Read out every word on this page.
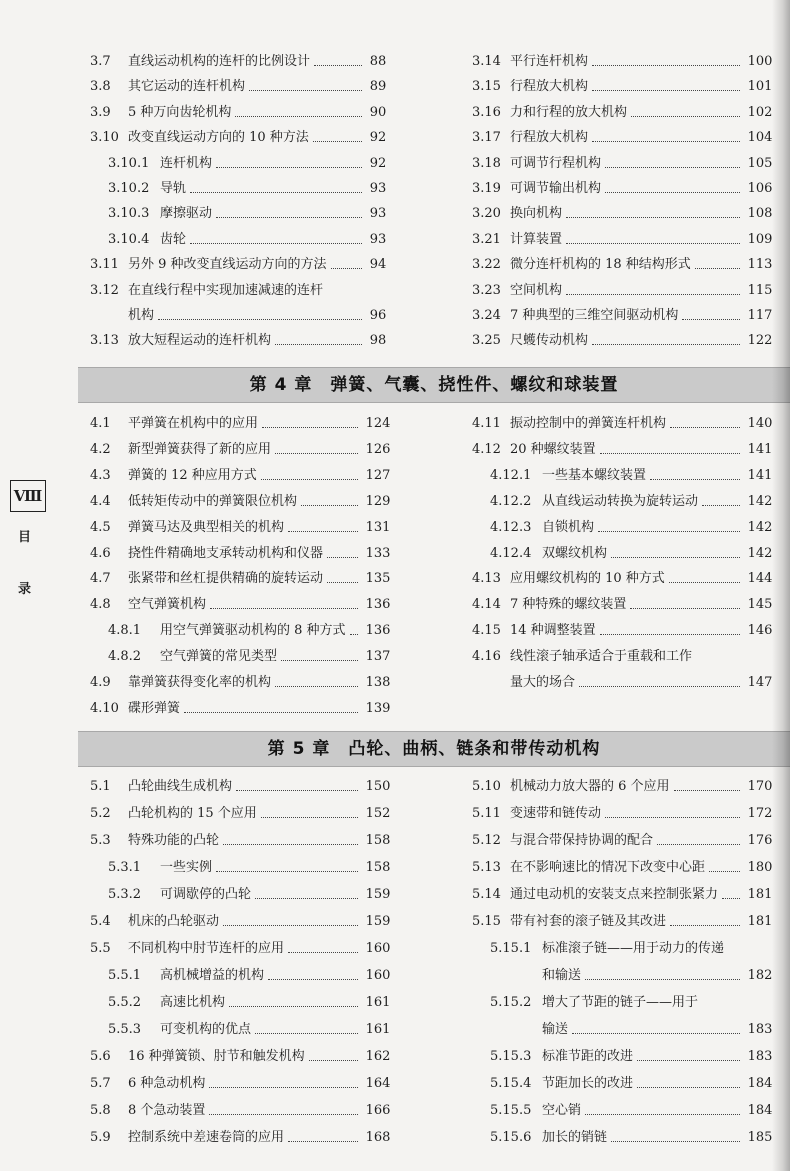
Ⅷ
目
录
第 4 章　弹簧、气囊、挠性件、螺纹和球装置
第 5 章　凸轮、曲柄、链条和带传动机构
3.7 直线运动机构的连杆的比例设计	88
3.8 其它运动的连杆机构	89
3.9 5 种万向齿轮机构	90
3.10 改变直线运动方向的 10 种方法	92
3.10.1 连杆机构	92
3.10.2 导轨	93
3.10.3 摩擦驱动	93
3.10.4 齿轮	93
3.11 另外 9 种改变直线运动方向的方法	94
3.12 在直线行程中实现加速减速的连杆
机构	96
3.13 放大短程运动的连杆机构	98
3.14 平行连杆机构	100
3.15 行程放大机构	101
3.16 力和行程的放大机构	102
3.17 行程放大机构	104
3.18 可调节行程机构	105
3.19 可调节输出机构	106
3.20 换向机构	108
3.21 计算装置	109
3.22 微分连杆机构的 18 种结构形式	113
3.23 空间机构	115
3.24 7 种典型的三维空间驱动机构	117
3.25 尺蠖传动机构	122
4.1 平弹簧在机构中的应用	124
4.2 新型弹簧获得了新的应用	126
4.3 弹簧的 12 种应用方式	127
4.4 低转矩传动中的弹簧限位机构	129
4.5 弹簧马达及典型相关的机构	131
4.6 挠性件精确地支承转动机构和仪器	133
4.7 张紧带和丝杠提供精确的旋转运动	135
4.8 空气弹簧机构	136
4.8.1 用空气弹簧驱动机构的 8 种方式 136
4.8.2 空气弹簧的常见类型	137
4.9 靠弹簧获得变化率的机构	138
4.10 碟形弹簧	139
4.11 振动控制中的弹簧连杆机构	140
4.12 20 种螺纹装置	141
4.12.1 一些基本螺纹装置	141
4.12.2 从直线运动转换为旋转运动	142
4.12.3 自锁机构	142
4.12.4 双螺纹机构	142
4.13 应用螺纹机构的 10 种方式	144
4.14 7 种特殊的螺纹装置	145
4.15 14 种调整装置	146
4.16 线性滚子轴承适合于重载和工作
量大的场合	147
5.1 凸轮曲线生成机构	150
5.2 凸轮机构的 15 个应用	152
5.3 特殊功能的凸轮	158
5.3.1 一些实例	158
5.3.2 可调歇停的凸轮	159
5.4 机床的凸轮驱动	159
5.5 不同机构中肘节连杆的应用	160
5.5.1 高机械增益的机构	160
5.5.2 高速比机构	161
5.5.3 可变机构的优点	161
5.6 16 种弹簧锁、肘节和触发机构	162
5.7 6 种急动机构	164
5.8 8 个急动装置	166
5.9 控制系统中差速卷筒的应用	168
5.10 机械动力放大器的 6 个应用	170
5.11 变速带和链传动	172
5.12 与混合带保持协调的配合	176
5.13 在不影响速比的情况下改变中心距	180
5.14 通过电动机的安装支点来控制张紧力 181
5.15 带有衬套的滚子链及其改进	181
5.15.1 标准滚子链——用于动力的传递
和输送	182
5.15.2 增大了节距的链子——用于
输送	183
5.15.3 标准节距的改进	183
5.15.4 节距加长的改进	184
5.15.5 空心销	184
5.15.6 加长的销链	185
